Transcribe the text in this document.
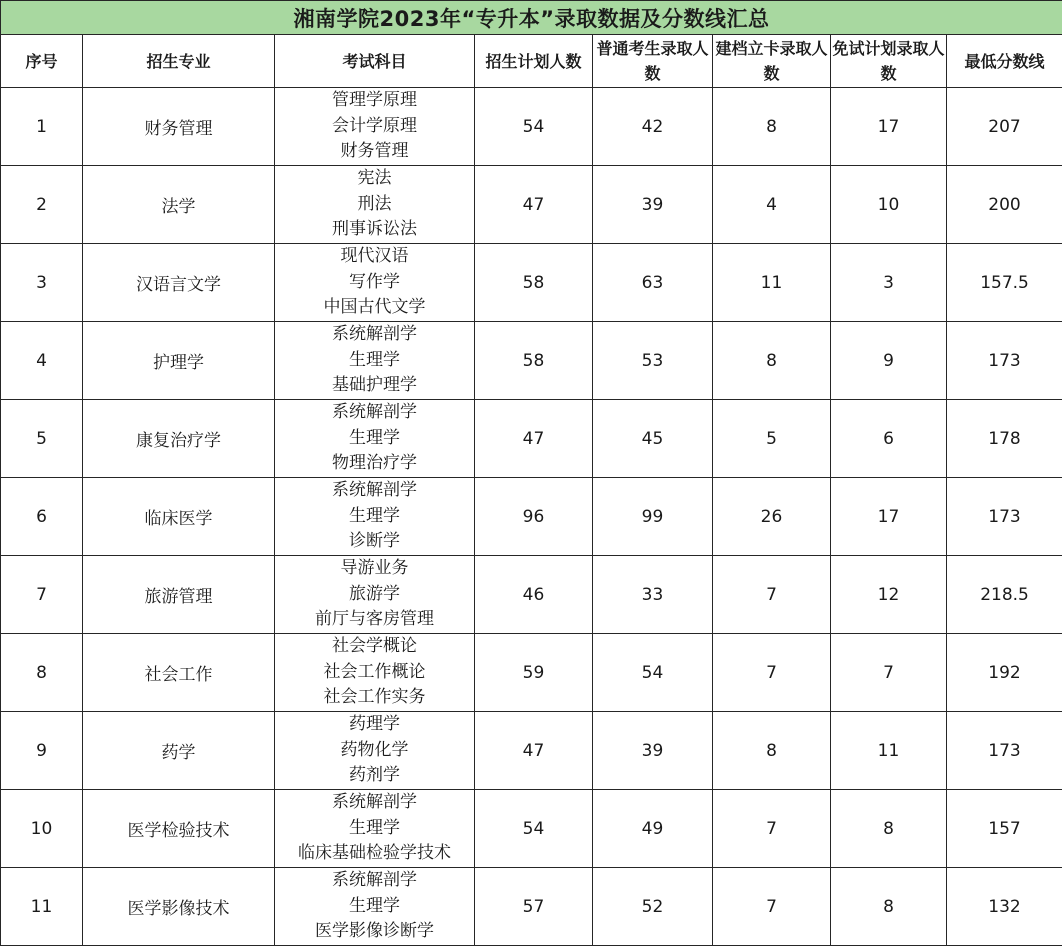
湘南学院2023年“专升本”录取数据及分数线汇总							
序号	招生专业	考试科目	招生计划人数	普通考生录取人数	建档立卡录取人数	免试计划录取人数	最低分数线
1	财务管理	管理学原理
会计学原理
财务管理	54	42	8	17	207
2	法学	宪法
刑法
刑事诉讼法	47	39	4	10	200
3	汉语言文学	现代汉语
写作学
中国古代文学	58	63	11	3	157.5
4	护理学	系统解剖学
生理学
基础护理学	58	53	8	9	173
5	康复治疗学	系统解剖学
生理学
物理治疗学	47	45	5	6	178
6	临床医学	系统解剖学
生理学
诊断学	96	99	26	17	173
7	旅游管理	导游业务
旅游学
前厅与客房管理	46	33	7	12	218.5
8	社会工作	社会学概论
社会工作概论
社会工作实务	59	54	7	7	192
9	药学	药理学
药物化学
药剂学	47	39	8	11	173
10	医学检验技术	系统解剖学
生理学
临床基础检验学技术	54	49	7	8	157
11	医学影像技术	系统解剖学
生理学
医学影像诊断学	57	52	7	8	132
